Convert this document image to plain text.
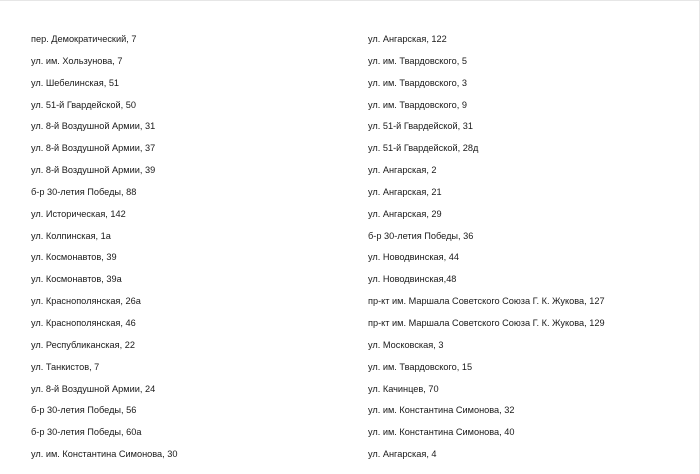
пер. Демократический, 7
ул. им. Хользунова, 7
ул. Шебелинская, 51
ул. 51-й Гвардейской, 50
ул. 8-й Воздушной Армии, 31
ул. 8-й Воздушной Армии, 37
ул. 8-й Воздушной Армии, 39
б-р 30-летия Победы, 88
ул. Историческая, 142
ул. Колпинская, 1а
ул. Космонавтов, 39
ул. Космонавтов, 39а
ул. Краснополянская, 26а
ул. Краснополянская, 46
ул. Республиканская, 22
ул. Танкистов, 7
ул. 8-й Воздушной Армии, 24
б-р 30-летия Победы, 56
б-р 30-летия Победы, 60а
ул. им. Константина Симонова, 30
ул. Ангарская, 122
ул. им. Твардовского, 5
ул. им. Твардовского, 3
ул. им. Твардовского, 9
ул. 51-й Гвардейской, 31
ул. 51-й Гвардейской, 28д
ул. Ангарская, 2
ул. Ангарская, 21
ул. Ангарская, 29
б-р 30-летия Победы, 36
ул. Новодвинская, 44
ул. Новодвинская,48
пр-кт им. Маршала Советского Союза Г. К. Жукова, 127
пр-кт им. Маршала Советского Союза Г. К. Жукова, 129
ул. Московская, 3
ул. им. Твардовского, 15
ул. Качинцев, 70
ул. им. Константина Симонова, 32
ул. им. Константина Симонова, 40
ул. Ангарская, 4
